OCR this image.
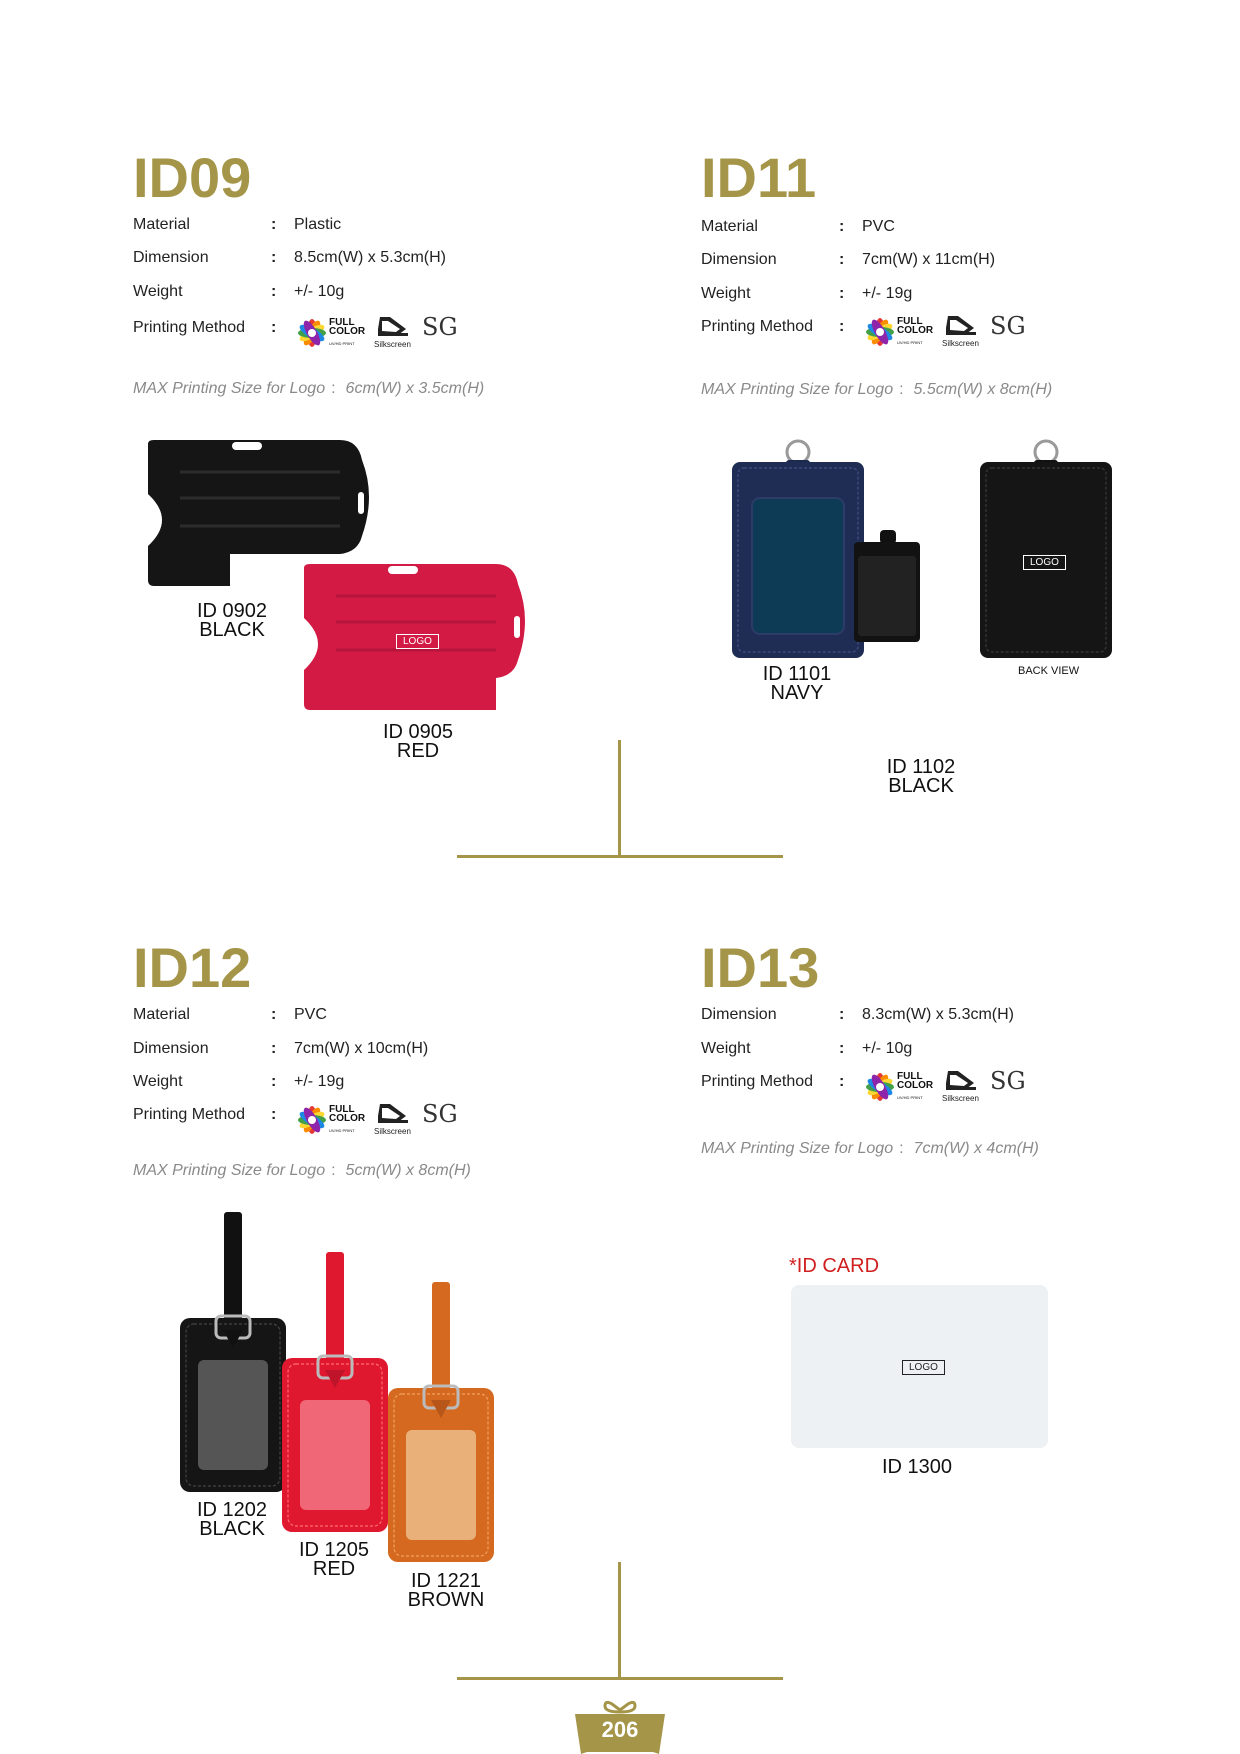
ID09
Material	: Plastic
Dimension	: 8.5cm(W) x 5.3cm(H)
Weight	: +/- 10g
Printing Method :	FULL
COLOR
UV/HD PRINT Silkscreen
SG
MAX Printing Size for Logo : 6cm(W) x 3.5cm(H)
LOGO
ID 0902
BLACK
ID 0905
RED
ID11
Material	: PVC
Dimension	: 7cm(W) x 11cm(H)
Weight	: +/- 19g
Printing Method :	FULL
COLOR
UV/HD PRINT Silkscreen
SG
MAX Printing Size for Logo : 5.5cm(W) x 8cm(H)
LOGO
BACK VIEW
ID 1101
NAVY
ID 1102
BLACK
ID12
Material	: PVC
Dimension	: 7cm(W) x 10cm(H)
Weight	: +/- 19g
Printing Method :	FULL
COLOR
UV/HD PRINT Silkscreen
SG
MAX Printing Size for Logo : 5cm(W) x 8cm(H)
ID 1202
BLACK
ID 1205
RED
ID 1221
BROWN
ID13
Dimension	: 8.3cm(W) x 5.3cm(H)
Weight	: +/- 10g
Printing Method :	FULL
COLOR
UV/HD PRINT Silkscreen
SG
MAX Printing Size for Logo : 7cm(W) x 4cm(H)
*ID CARD
LOGO
ID 1300
206
